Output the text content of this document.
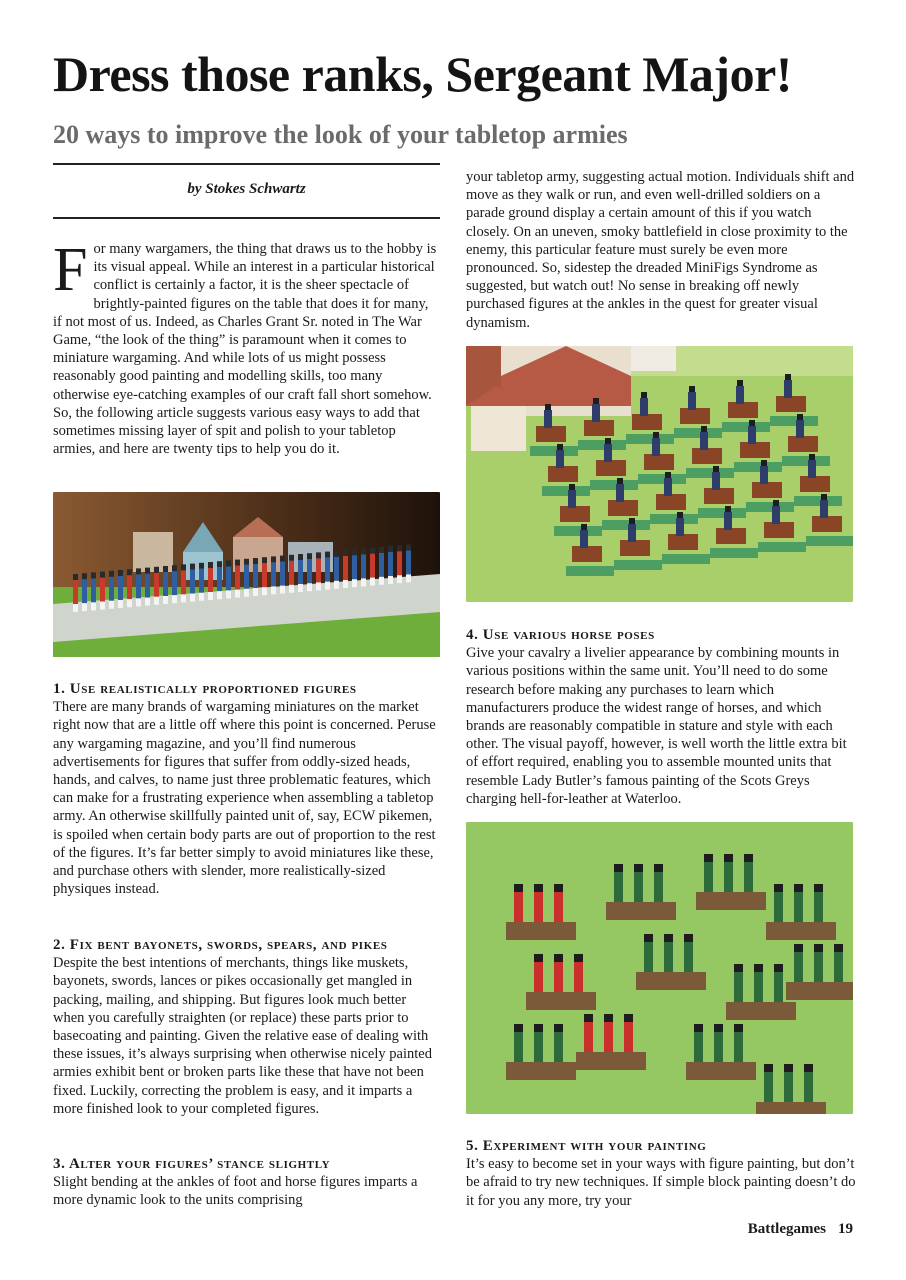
Dress those ranks, Sergeant Major!
20 ways to improve the look of your tabletop armies
by Stokes Schwartz
For many wargamers, the thing that draws us to the hobby is its visual appeal. While an interest in a particular historical conflict is certainly a factor, it is the sheer spectacle of brightly-painted figures on the table that does it for many, if not most of us. Indeed, as Charles Grant Sr. noted in The War Game, “the look of the thing” is paramount when it comes to miniature wargaming. And while lots of us might possess reasonably good painting and modelling skills, too many otherwise eye-catching examples of our craft fall short somehow. So, the following article suggests various easy ways to add that sometimes missing layer of spit and polish to your tabletop armies, and here are twenty tips to help you do it.

1. Use realistically proportioned figures

There are many brands of wargaming miniatures on the market right now that are a little off where this point is concerned. Peruse any wargaming magazine, and you’ll find numerous advertisements for figures that suffer from oddly-sized heads, hands, and calves, to name just three problematic features, which can make for a frustrating experience when assembling a tabletop army. An otherwise skillfully painted unit of, say, ECW pikemen, is spoiled when certain body parts are out of proportion to the rest of the figures. It’s far better simply to avoid miniatures like these, and purchase others with slender, more realistically-sized physiques instead.

2. Fix bent bayonets, swords, spears, and pikes

Despite the best intentions of merchants, things like muskets, bayonets, swords, lances or pikes occasionally get mangled in packing, mailing, and shipping. But figures look much better when you carefully straighten (or replace) these parts prior to basecoating and painting. Given the relative ease of dealing with these issues, it’s always surprising when otherwise nicely painted armies exhibit bent or broken parts like these that have not been fixed. Luckily, correcting the problem is easy, and it imparts a more finished look to your completed figures.

3. Alter your figures’ stance slightly

Slight bending at the ankles of foot and horse figures imparts a more dynamic look to the units comprising

your tabletop army, suggesting actual motion. Individuals shift and move as they walk or run, and even well-drilled soldiers on a parade ground display a certain amount of this if you watch closely. On an uneven, smoky battlefield in close proximity to the enemy, this particular feature must surely be even more pronounced. So, sidestep the dreaded MiniFigs Syndrome as suggested, but watch out! No sense in breaking off newly purchased figures at the ankles in the quest for greater visual dynamism.

4. Use various horse poses

Give your cavalry a livelier appearance by combining mounts in various positions within the same unit. You’ll need to do some research before making any purchases to learn which manufacturers produce the widest range of horses, and which brands are reasonably compatible in stature and style with each other. The visual payoff, however, is well worth the little extra bit of effort required, enabling you to assemble mounted units that resemble Lady Butler’s famous painting of the Scots Greys charging hell-for-leather at Waterloo.

5. Experiment with your painting

It’s easy to become set in your ways with figure painting, but don’t be afraid to try new techniques. If simple block painting doesn’t do it for you any more, try your

Battlegames 19
